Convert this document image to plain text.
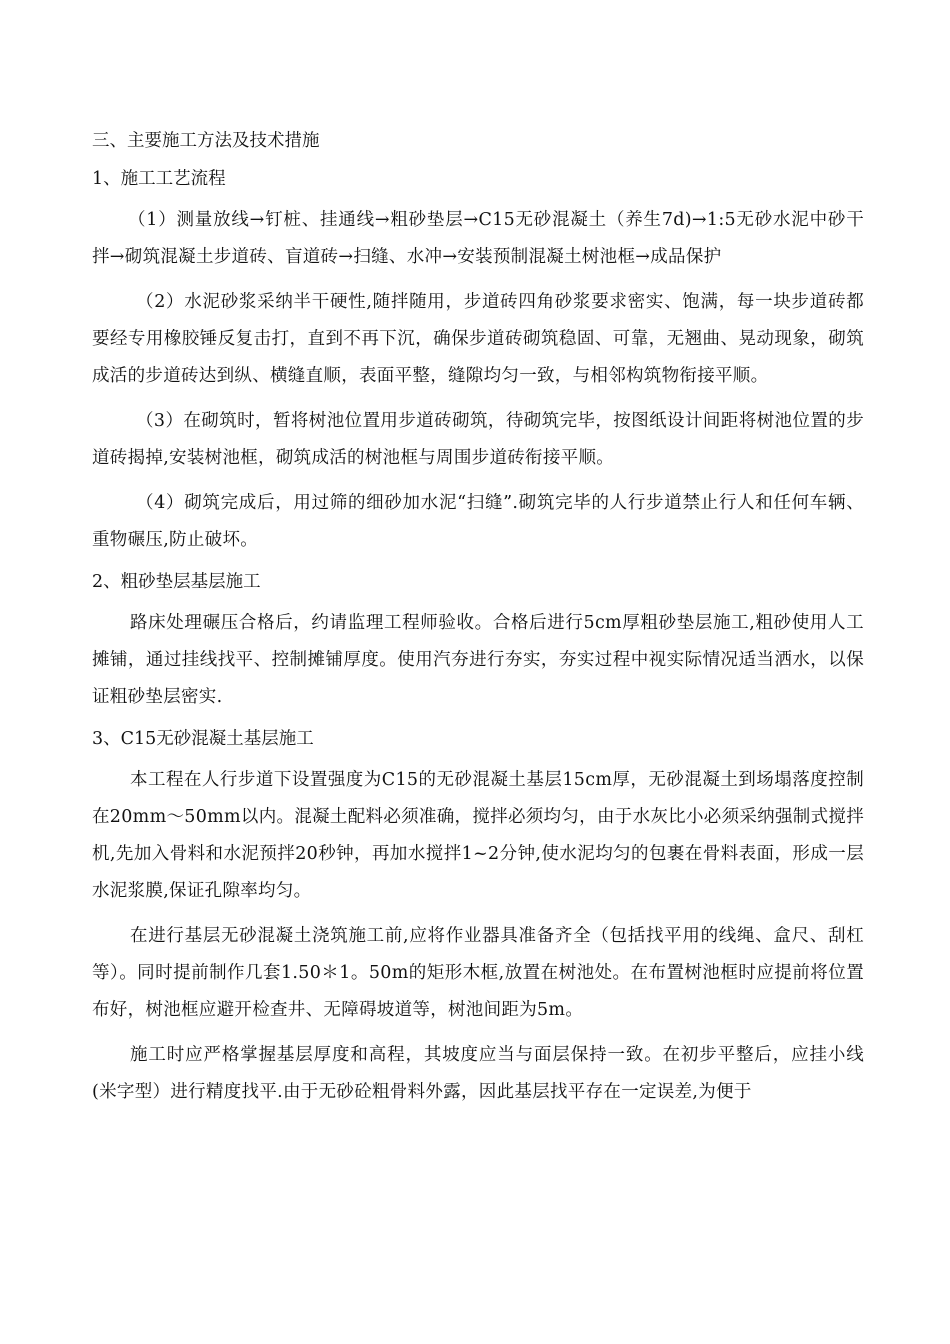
三、主要施工方法及技术措施
1、施工工艺流程

（1）测量放线→钉桩、挂通线→粗砂垫层→C15无砂混凝土（养生7d)→1:5无砂水泥中砂干拌→砌筑混凝土步道砖、盲道砖→扫缝、水冲→安装预制混凝土树池框→成品保护

（2）水泥砂浆采纳半干硬性,随拌随用，步道砖四角砂浆要求密实、饱满，每一块步道砖都要经专用橡胶锤反复击打，直到不再下沉，确保步道砖砌筑稳固、可靠，无翘曲、晃动现象，砌筑成活的步道砖达到纵、横缝直顺，表面平整，缝隙均匀一致，与相邻构筑物衔接平顺。

（3）在砌筑时，暂将树池位置用步道砖砌筑，待砌筑完毕，按图纸设计间距将树池位置的步道砖揭掉,安装树池框，砌筑成活的树池框与周围步道砖衔接平顺。

（4）砌筑完成后，用过筛的细砂加水泥“扫缝”.砌筑完毕的人行步道禁止行人和任何车辆、重物碾压,防止破坏。

2、粗砂垫层基层施工

路床处理碾压合格后，约请监理工程师验收。合格后进行5cm厚粗砂垫层施工,粗砂使用人工摊铺，通过挂线找平、控制摊铺厚度。使用汽夯进行夯实，夯实过程中视实际情况适当洒水，以保证粗砂垫层密实.

3、C15无砂混凝土基层施工

本工程在人行步道下设置强度为C15的无砂混凝土基层15cm厚，无砂混凝土到场塌落度控制在20mm～50mm以内。混凝土配料必须准确，搅拌必须均匀，由于水灰比小必须采纳强制式搅拌机,先加入骨料和水泥预拌20秒钟，再加水搅拌1~2分钟,使水泥均匀的包裹在骨料表面，形成一层水泥浆膜,保证孔隙率均匀。

在进行基层无砂混凝土浇筑施工前,应将作业器具准备齐全（包括找平用的线绳、盒尺、刮杠等）。同时提前制作几套1.50＊1。50m的矩形木框,放置在树池处。在布置树池框时应提前将位置布好，树池框应避开检查井、无障碍坡道等，树池间距为5m。

施工时应严格掌握基层厚度和高程，其坡度应当与面层保持一致。在初步平整后，应挂小线(米字型）进行精度找平.由于无砂砼粗骨料外露，因此基层找平存在一定误差,为便于
